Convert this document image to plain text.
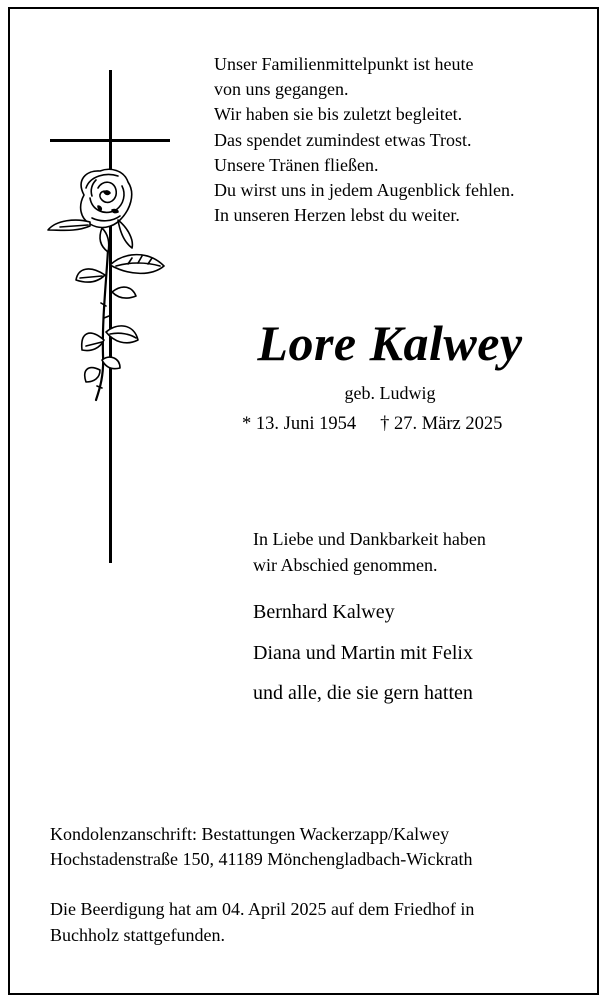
Unser Familienmittelpunkt ist heute
von uns gegangen.
Wir haben sie bis zuletzt begleitet.
Das spendet zumindest etwas Trost.
Unsere Tränen fließen.
Du wirst uns in jedem Augenblick fehlen.
In unseren Herzen lebst du weiter.
Lore Kalwey
geb. Ludwig
* 13. Juni 1954 † 27. März 2025
In Liebe und Dankbarkeit haben
wir Abschied genommen.
Bernhard Kalwey
Diana und Martin mit Felix
und alle, die sie gern hatten
Kondolenzanschrift: Bestattungen Wackerzapp/Kalwey
Hochstadenstraße 150, 41189 Mönchengladbach-Wickrath
Die Beerdigung hat am 04. April 2025 auf dem Friedhof in
Buchholz stattgefunden.
